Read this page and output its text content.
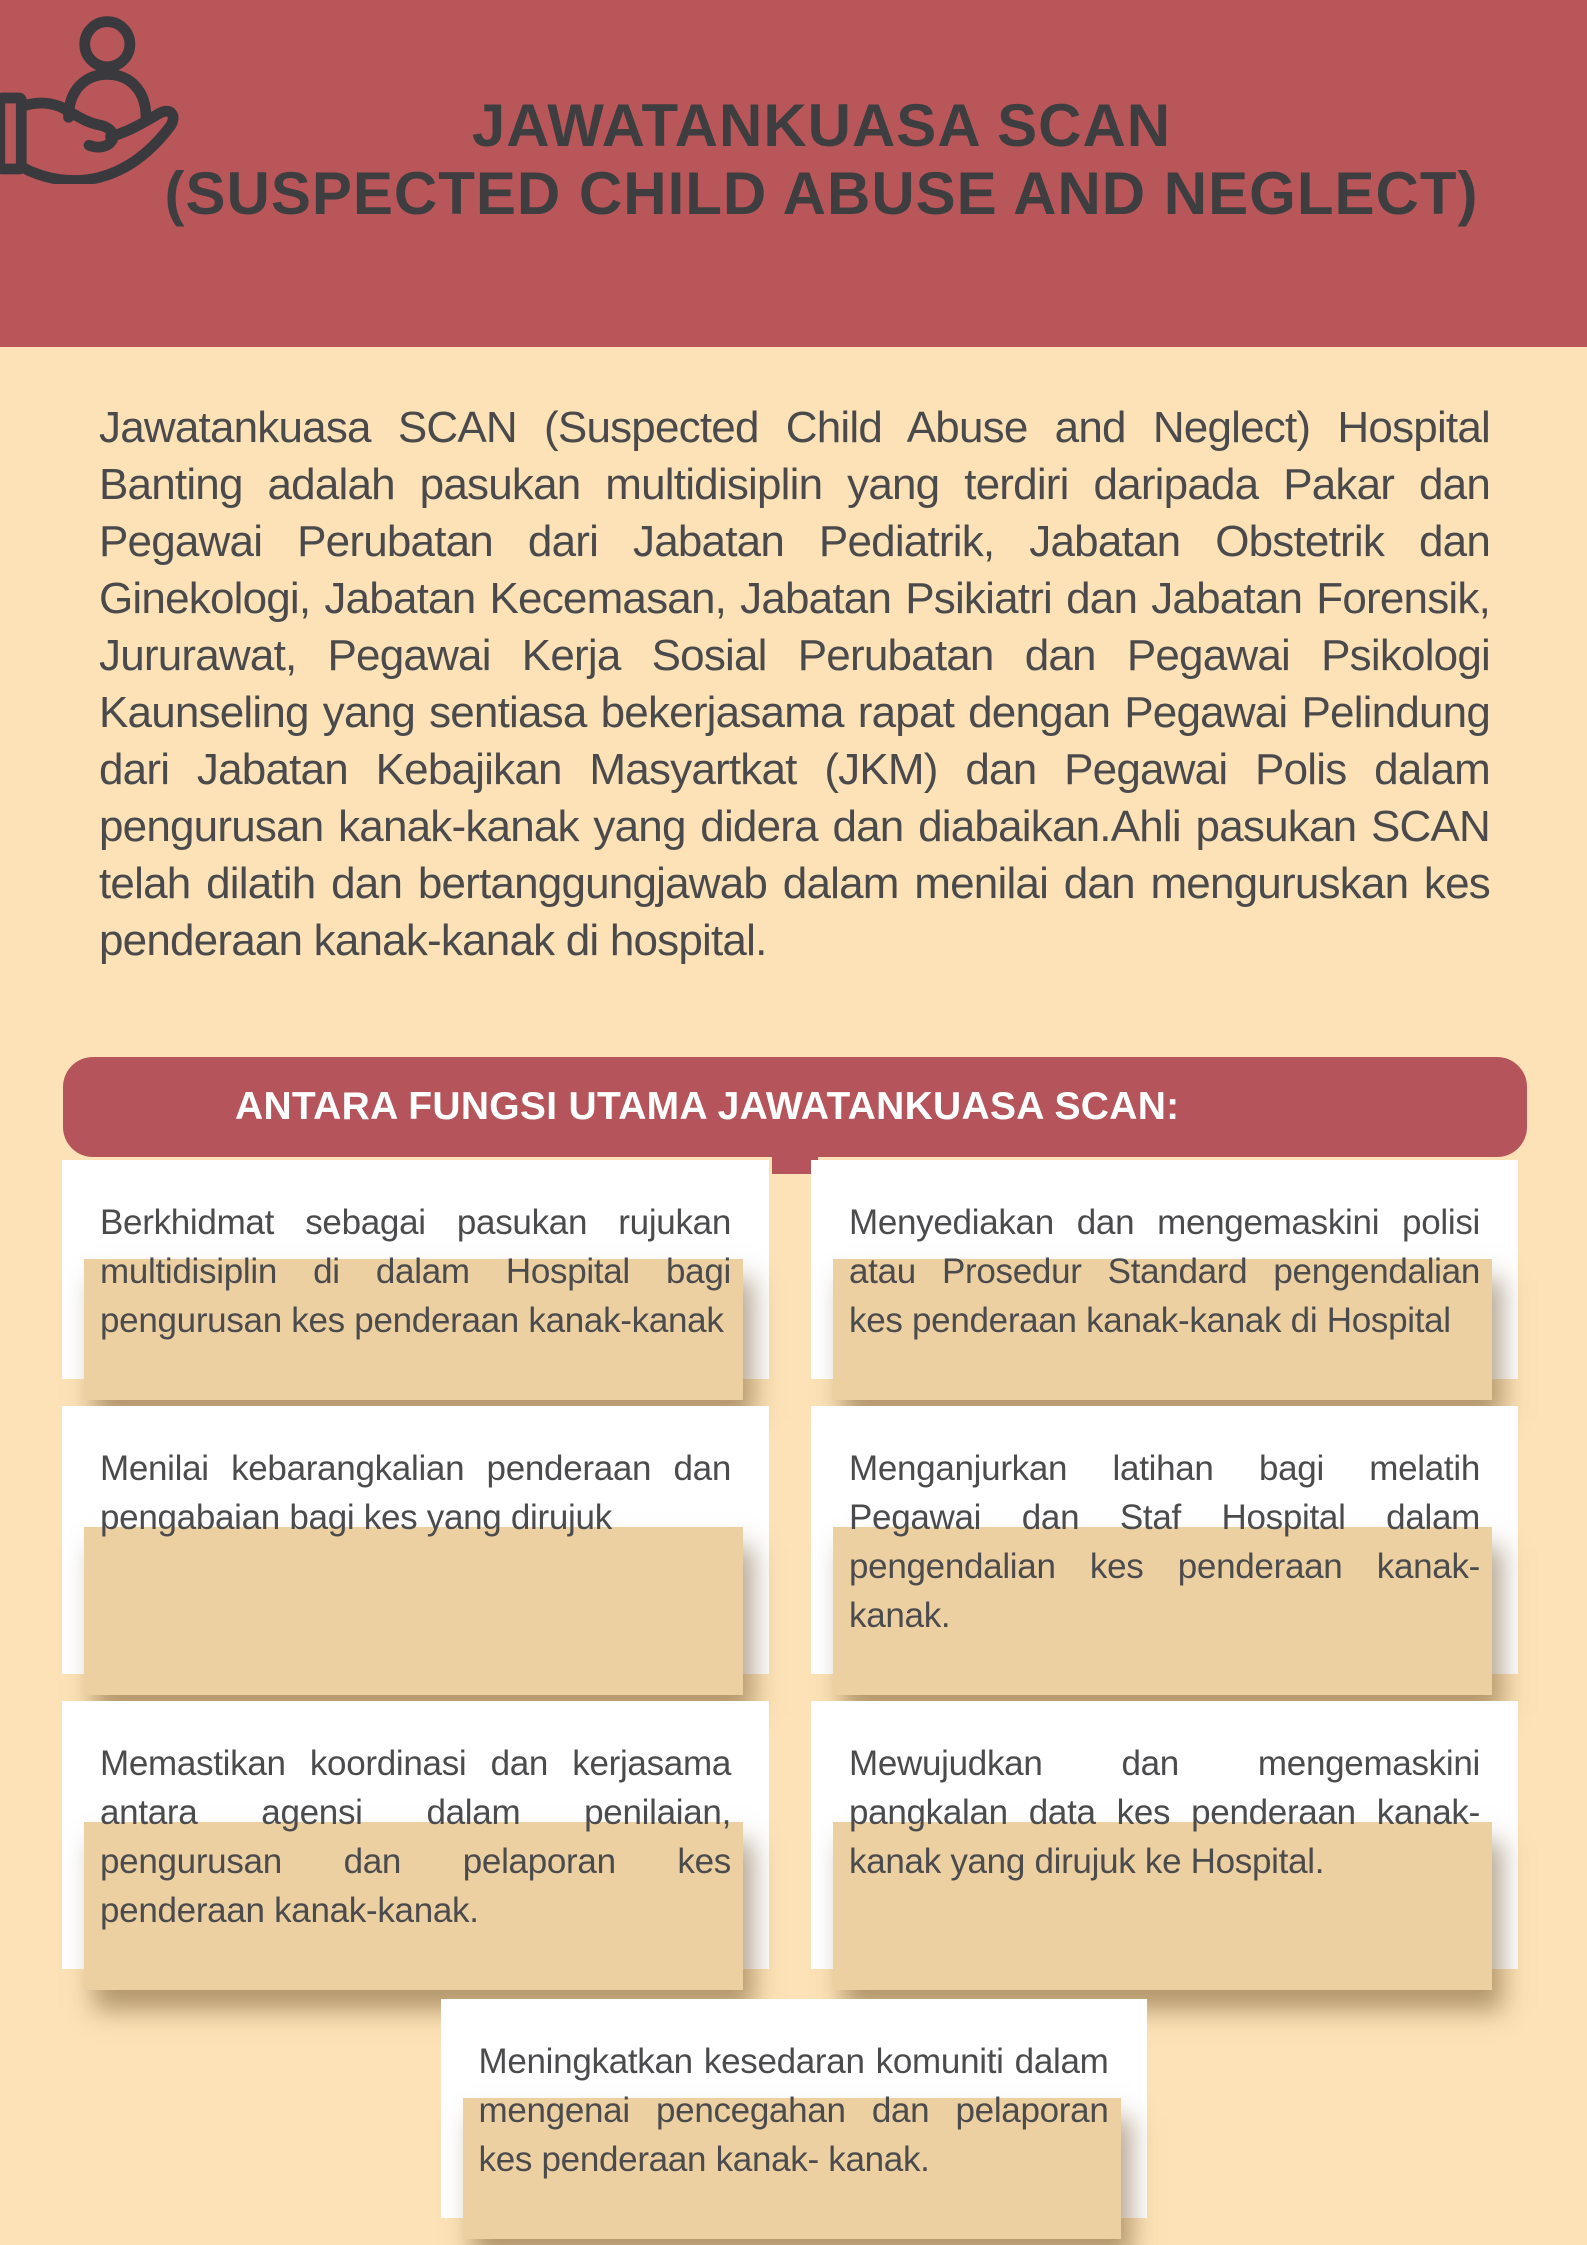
JAWATANKUASA SCAN
(SUSPECTED CHILD ABUSE AND NEGLECT)

Jawatankuasa SCAN (Suspected Child Abuse and Neglect) Hospital Banting adalah pasukan multidisiplin yang terdiri daripada Pakar dan Pegawai Perubatan dari Jabatan Pediatrik, Jabatan Obstetrik dan Ginekologi, Jabatan Kecemasan, Jabatan Psikiatri dan Jabatan Forensik, Jururawat, Pegawai Kerja Sosial Perubatan dan Pegawai Psikologi Kaunseling yang sentiasa bekerjasama rapat dengan Pegawai Pelindung dari Jabatan Kebajikan Masyartkat (JKM) dan Pegawai Polis dalam pengurusan kanak-kanak yang didera dan diabaikan.Ahli pasukan SCAN telah dilatih dan bertanggungjawab dalam menilai dan menguruskan kes penderaan kanak-kanak di hospital.

ANTARA FUNGSI UTAMA JAWATANKUASA SCAN:

Berkhidmat sebagai pasukan rujukan multidisiplin di dalam Hospital bagi pengurusan kes penderaan kanak-kanak

Menyediakan dan mengemaskini polisi atau Prosedur Standard pengendalian kes penderaan kanak-kanak di Hospital

Menilai kebarangkalian penderaan dan pengabaian bagi kes yang dirujuk

Menganjurkan latihan bagi melatih Pegawai dan Staf Hospital dalam pengendalian kes penderaan kanak-kanak.

Memastikan koordinasi dan kerjasama antara agensi dalam penilaian, pengurusan dan pelaporan kes penderaan kanak-kanak.

Mewujudkan dan mengemaskini pangkalan data kes penderaan kanak-kanak yang dirujuk ke Hospital.

Meningkatkan kesedaran komuniti dalam mengenai pencegahan dan pelaporan kes penderaan kanak- kanak.
